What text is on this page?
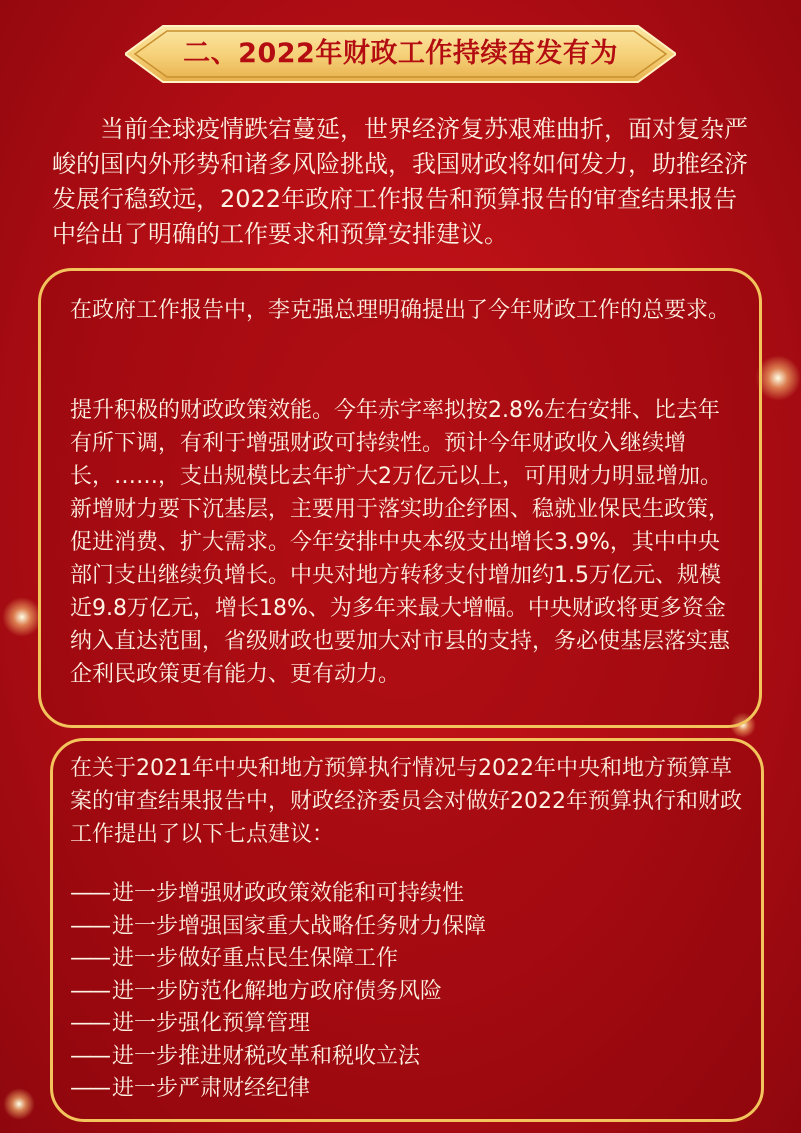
二、2022年财政工作持续奋发有为

当前全球疫情跌宕蔓延，世界经济复苏艰难曲折，面对复杂严峻的国内外形势和诸多风险挑战，我国财政将如何发力，助推经济发展行稳致远，2022年政府工作报告和预算报告的审查结果报告中给出了明确的工作要求和预算安排建议。

在政府工作报告中，李克强总理明确提出了今年财政工作的总要求。

提升积极的财政政策效能。今年赤字率拟按2.8%左右安排、比去年有所下调，有利于增强财政可持续性。预计今年财政收入继续增长，……，支出规模比去年扩大2万亿元以上，可用财力明显增加。新增财力要下沉基层，主要用于落实助企纾困、稳就业保民生政策，促进消费、扩大需求。今年安排中央本级支出增长3.9%，其中中央部门支出继续负增长。中央对地方转移支付增加约1.5万亿元、规模近9.8万亿元，增长18%、为多年来最大增幅。中央财政将更多资金纳入直达范围，省级财政也要加大对市县的支持，务必使基层落实惠企利民政策更有能力、更有动力。

在关于2021年中央和地方预算执行情况与2022年中央和地方预算草案的审查结果报告中，财政经济委员会对做好2022年预算执行和财政工作提出了以下七点建议：

—— 进一步增强财政政策效能和可持续性
—— 进一步增强国家重大战略任务财力保障
—— 进一步做好重点民生保障工作
—— 进一步防范化解地方政府债务风险
—— 进一步强化预算管理
—— 进一步推进财税改革和税收立法
—— 进一步严肃财经纪律
